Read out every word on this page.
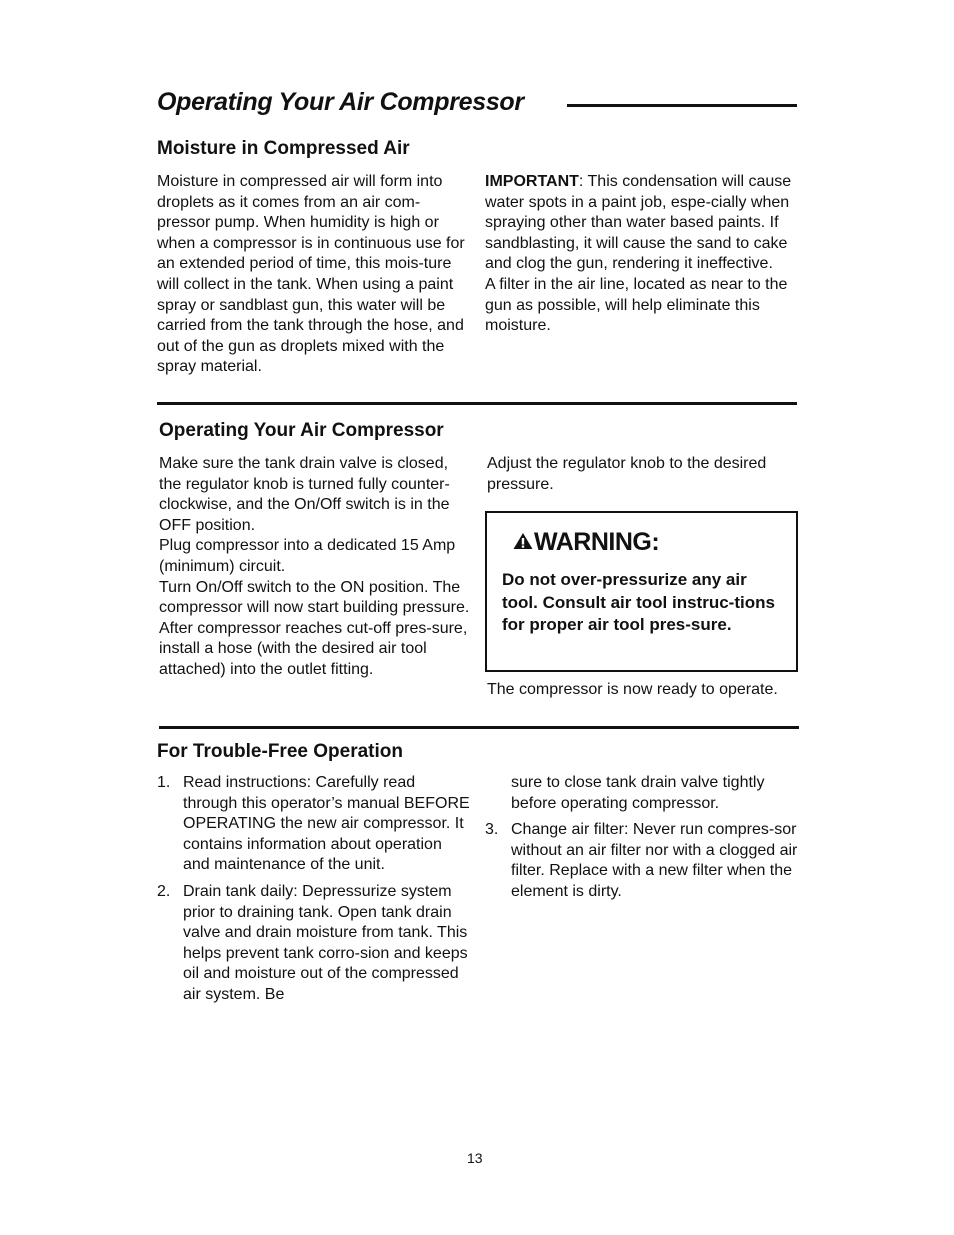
Operating Your Air Compressor
Moisture in Compressed Air

Moisture in compressed air will form into droplets as it comes from an air com-pressor pump. When humidity is high or when a compressor is in continuous use for an extended period of time, this mois-ture will collect in the tank. When using a paint spray or sandblast gun, this water will be carried from the tank through the hose, and out of the gun as droplets mixed with the spray material.

IMPORTANT: This condensation will cause water spots in a paint job, espe-cially when spraying other than water based paints. If sandblasting, it will cause the sand to cake and clog the gun, rendering it ineffective.

A filter in the air line, located as near to the gun as possible, will help eliminate this moisture.

Operating Your Air Compressor

Make sure the tank drain valve is closed, the regulator knob is turned fully counter-clockwise, and the On/Off switch is in the OFF position.

Plug compressor into a dedicated 15 Amp (minimum) circuit.

Turn On/Off switch to the ON position. The compressor will now start building pressure.

After compressor reaches cut-off pres-sure, install a hose (with the desired air tool attached) into the outlet fitting.

Adjust the regulator knob to the desired pressure.
WARNING:
Do not over-pressurize any air tool. Consult air tool instruc-tions for proper air tool pres-sure.
The compressor is now ready to operate.
For Trouble-Free Operation
1. Read instructions: Carefully read through this operator’s manual BEFORE OPERATING the new air compressor. It contains information about operation and maintenance of the unit.
2. Drain tank daily: Depressurize system prior to draining tank. Open tank drain valve and drain moisture from tank. This helps prevent tank corro-sion and keeps oil and moisture out of the compressed air system. Be
sure to close tank drain valve tightly before operating compressor.
3. Change air filter: Never run compres-sor without an air filter nor with a clogged air filter. Replace with a new filter when the element is dirty.
13
